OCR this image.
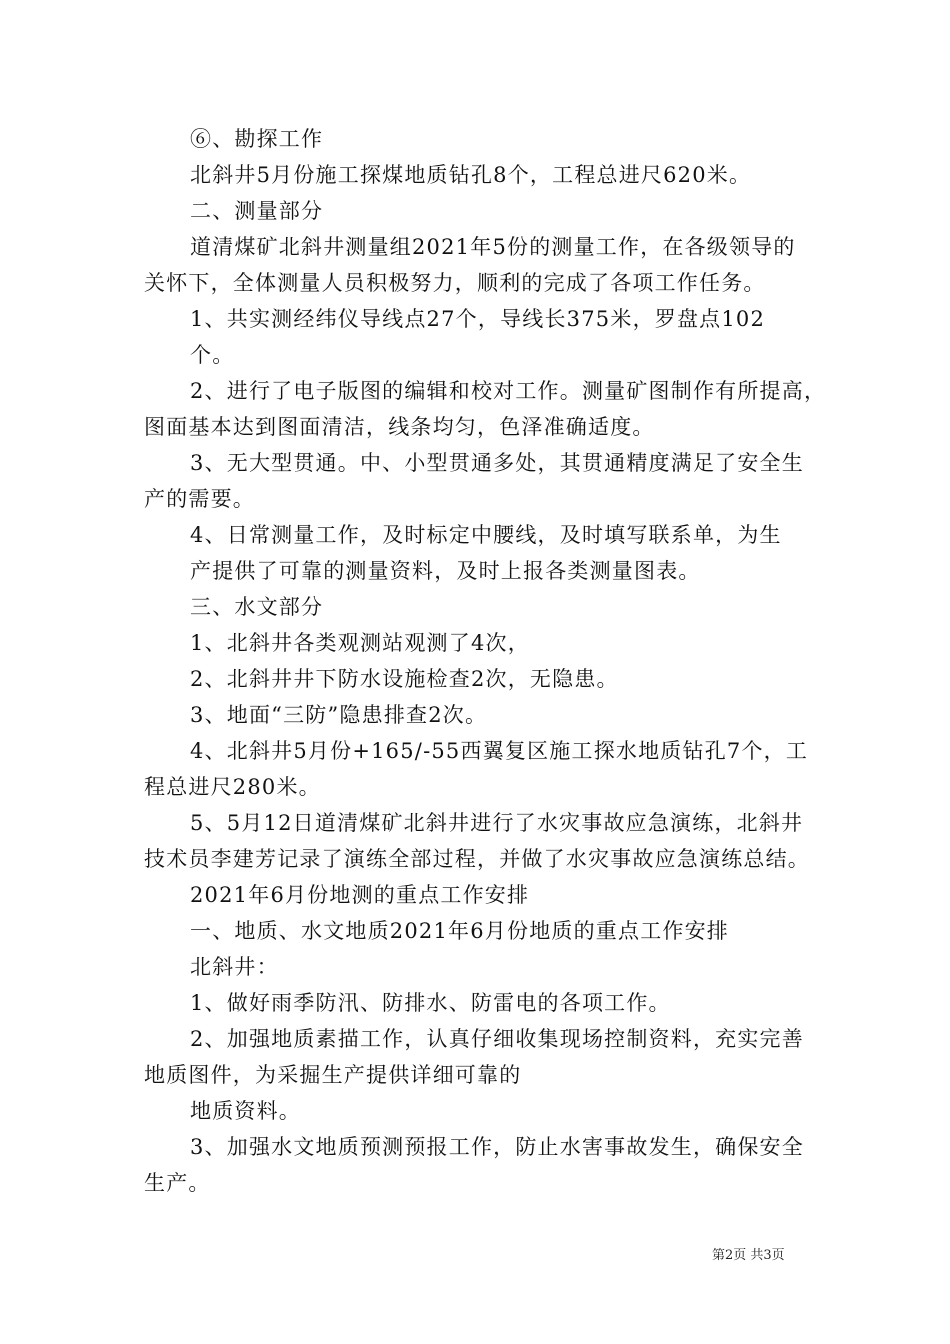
⑥、勘探工作
北斜井5月份施工探煤地质钻孔8个，工程总进尺620米。
二、测量部分
道清煤矿北斜井测量组2021年5份的测量工作，在各级领导的
关怀下，全体测量人员积极努力，顺利的完成了各项工作任务。
1、共实测经纬仪导线点27个，导线长375米，罗盘点102
个。
2、进行了电子版图的编辑和校对工作。测量矿图制作有所提高，
图面基本达到图面清洁，线条均匀，色泽准确适度。
3、无大型贯通。中、小型贯通多处，其贯通精度满足了安全生
产的需要。
4、日常测量工作，及时标定中腰线，及时填写联系单，为生
产提供了可靠的测量资料，及时上报各类测量图表。
三、水文部分
1、北斜井各类观测站观测了4次，
2、北斜井井下防水设施检查2次，无隐患。
3、地面“三防”隐患排查2次。
4、北斜井5月份+165/-55西翼复区施工探水地质钻孔7个，工
程总进尺280米。
5、5月12日道清煤矿北斜井进行了水灾事故应急演练，北斜井
技术员李建芳记录了演练全部过程，并做了水灾事故应急演练总结。
2021年6月份地测的重点工作安排
一、地质、水文地质2021年6月份地质的重点工作安排
北斜井：
1、做好雨季防汛、防排水、防雷电的各项工作。
2、加强地质素描工作，认真仔细收集现场控制资料，充实完善
地质图件，为采掘生产提供详细可靠的
地质资料。
3、加强水文地质预测预报工作，防止水害事故发生，确保安全
生产。
第2页 共3页
